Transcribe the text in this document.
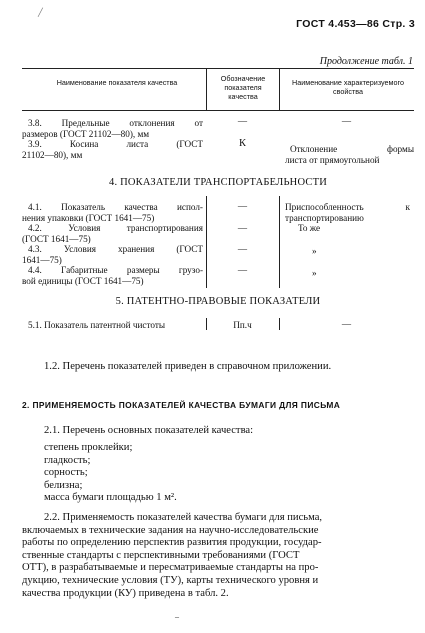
╱
ГОСТ 4.453—86 Стр. 3
Продолжение табл. 1
Наименование показателя качества	Обозначение показателя качества
Наименование характеризуемого свойства
3.8. Предельные отклонения от
размеров (ГОСТ 21102—80), мм
—	—
3.9. Косина листа (ГОСТ
21102—80), мм
К	Отклонение формы
листа от прямоугольной
4. ПОКАЗАТЕЛИ ТРАНСПОРТАБЕЛЬНОСТИ
4.1. Показатель качества испол-
нения упаковки (ГОСТ 1641—75)
—	Приспособленность к
транспортированию
4.2. Условия транспортирования
(ГОСТ 1641—75)
—	То же
4.3. Условия хранения (ГОСТ
1641—75)
—	»
4.4. Габаритные размеры грузо-
вой единицы (ГОСТ 1641—75)
—	»
5. ПАТЕНТНО-ПРАВОВЫЕ ПОКАЗАТЕЛИ
5.1. Показатель патентной чистоты	Пп.ч	—
1.2. Перечень показателей приведен в справочном приложении.
2. ПРИМЕНЯЕМОСТЬ ПОКАЗАТЕЛЕЙ КАЧЕСТВА БУМАГИ ДЛЯ ПИСЬМА
2.1. Перечень основных показателей качества:
степень проклейки;
гладкость;
сорность;
белизна;
масса бумаги площадью 1 м².
2.2. Применяемость показателей качества бумаги для письма,
включаемых в технические задания на научно-исследовательские
работы по определению перспектив развития продукции, государ-
ственные стандарты с перспективными требованиями (ГОСТ
ОТТ), в разрабатываемые и пересматриваемые стандарты на про-
дукцию, технические условия (ТУ), карты технического уровня и
качества продукции (КУ) приведена в табл. 2.
‒
